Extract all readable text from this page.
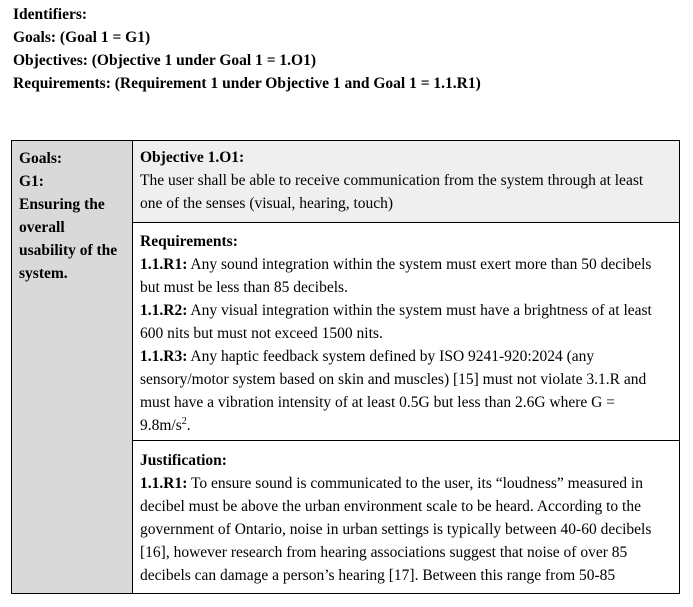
Identifiers:
Goals: (Goal 1 = G1)
Objectives: (Objective 1 under Goal 1 = 1.O1)
Requirements: (Requirement 1 under Objective 1 and Goal 1 = 1.1.R1)
Goals:
G1:
Ensuring the
overall
usability of the
system.
Objective 1.O1:
The user shall be able to receive communication from the system through at least one of the senses (visual, hearing, touch)
Requirements:
1.1.R1: Any sound integration within the system must exert more than 50 decibels but must be less than 85 decibels.
1.1.R2: Any visual integration within the system must have a brightness of at least 600 nits but must not exceed 1500 nits.
1.1.R3: Any haptic feedback system defined by ISO 9241-920:2024 (any sensory/motor system based on skin and muscles) [15] must not violate 3.1.R and must have a vibration intensity of at least 0.5G but less than 2.6G where $G = 9.8m/s^2$.
Justification:
1.1.R1: To ensure sound is communicated to the user, its “loudness” measured in decibel must be above the urban environment scale to be heard. According to the government of Ontario, noise in urban settings is typically between 40-60 decibels [16], however research from hearing associations suggest that noise of over 85 decibels can damage a person’s hearing [17]. Between this range from 50-85
